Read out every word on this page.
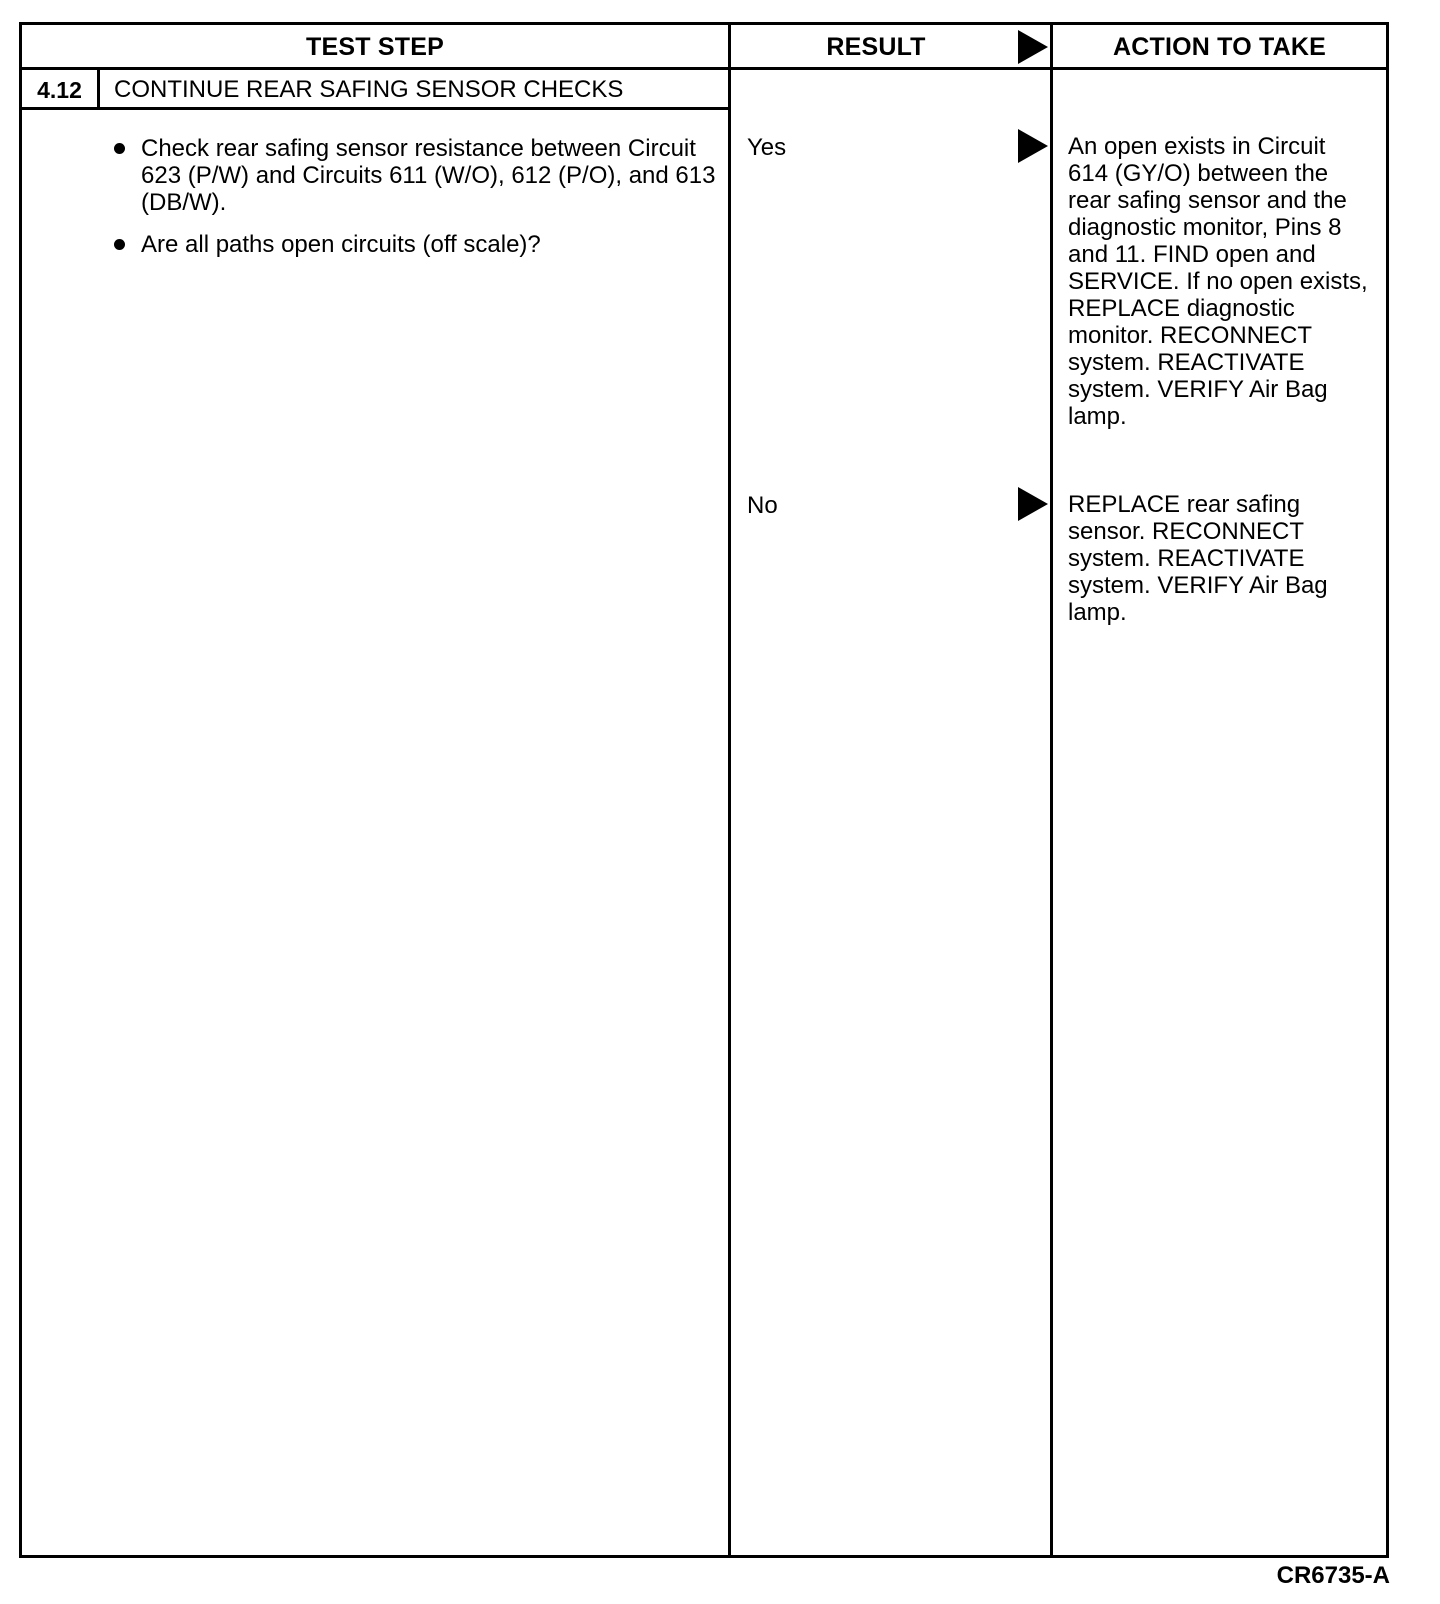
TEST STEP	RESULT	ACTION TO TAKE
4.12	CONTINUE REAR SAFING SENSOR CHECKS
Check rear safing sensor resistance between Circuit 623 (P/W) and Circuits 611 (W/O), 612 (P/O), and 613 (DB/W).
Are all paths open circuits (off scale)?
Yes	An open exists in Circuit 614 (GY/O) between the rear safing sensor and the diagnostic monitor, Pins 8 and 11. FIND open and SERVICE. If no open exists, REPLACE diagnostic monitor. RECONNECT system. REACTIVATE system. VERIFY Air Bag lamp.
No	REPLACE rear safing sensor. RECONNECT system. REACTIVATE system. VERIFY Air Bag lamp.
CR6735-A
